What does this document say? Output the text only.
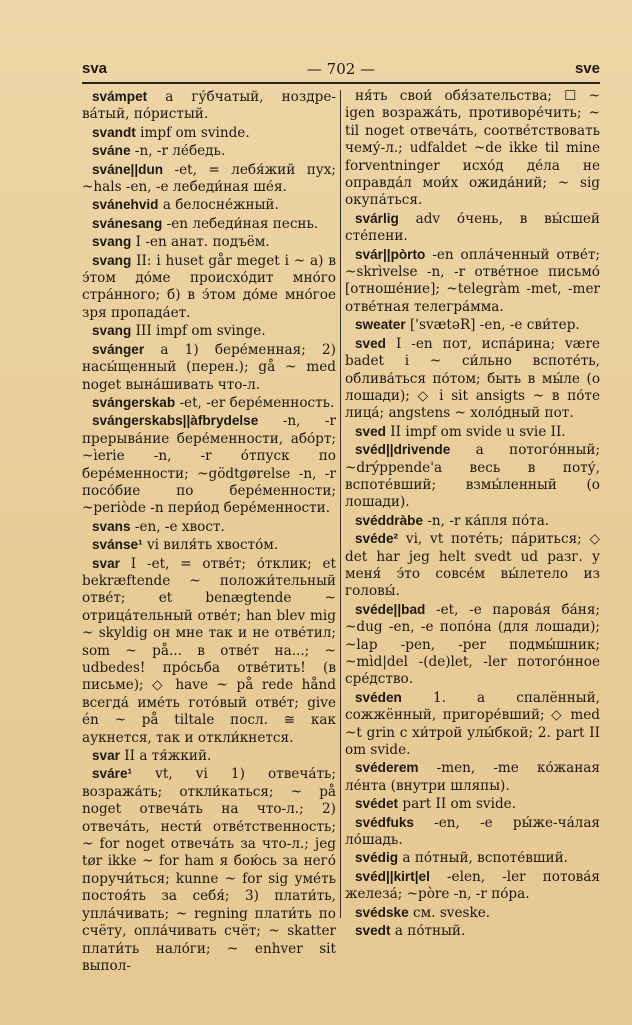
sva	— 702 —	sve

svámpet a гу́бчатый, ноздре-ва́тый, по́ристый.

svandt impf om svinde.

sváne -n, -r ле́бедь.

sváne||dun -et, = лебя́жий пух; ~hals -en, -e лебеди́ная ше́я.

svánehvid a белосне́жный.

svánesang -en лебеди́ная песнь.

svang I -en анат. подъём.

svang II: i huset går meget i ~ а) в э́том до́ме происхо́дит мно́го стра́нного; б) в э́том до́ме мно́гое зря пропада́ет.

svang III impf om svinge.

svánger a 1) бере́менная; 2) насы́щенный (перен.); gå ~ med noget вына́шивать что-л.

svángerskab -et, -er бере́менность.

svángerskabs||àfbrydelse -n, -r прерыва́ние бере́менности, або́рт; ~ìerie -n, -r о́тпуск по бере́менности; ~gödtgørelse -n, -r посо́бие по бере́менности; ~periòde -n пери́од бере́менности.

svans -en, -e хвост.

svánse¹ vi виля́ть хвосто́м.

svar I -et, = отве́т; о́тклик; et bekræftende ~ положи́тельный отве́т; et benægtende ~ отрица́тельный отве́т; han blev mig ~ skyldig он мне так и не отве́тил; som ~ på... в отве́т на...; ~ udbedes! про́сьба отве́тить! (в письме); ◇ have ~ på rede hånd всегда́ име́ть гото́вый отве́т; give én ~ på tiltale посл. ≅ как аукнется, так и откли́кнется.

svar II a тя́жкий.

sváre¹ vt, vi 1) отвеча́ть; возража́ть; откли́каться; ~ på noget отвеча́ть на что-л.; 2) отвеча́ть, нести́ отве́тственность; ~ for noget отвеча́ть за что-л.; jeg tør ikke ~ for ham я бою́сь за него́ поручи́ться; kunne ~ for sig уме́ть постоя́ть за себя́; 3) плати́ть, упла́чивать; ~ regning плати́ть по счёту, опла́чивать счёт; ~ skatter плати́ть нало́ги; ~ enhver sit выпол-

ня́ть свои́ обя́зательства; ☐ ~ igen возража́ть, противоре́чить; ~ til noget отвеча́ть, соотве́тствовать чему́-л.; udfaldet ~de ikke til mine forventninger исхо́д де́ла не оправда́л мои́х ожида́ний; ~ sig окупа́ться.

svárlig adv о́чень, в вы́сшей сте́пени.

svár||pòrto -en опла́ченный отве́т; ~skrìvelse -n, -r отве́тное письмо́ [отноше́ние]; ~telegràm -met, -mer отве́тная телегра́мма.

sweater ['svætəR] -en, -e сви́тер.

sved I -en пот, испа́рина; være badet i ~ си́льно вспоте́ть, облива́ться по́том; быть в мы́ле (о лошади); ◇ i sit ansigts ~ в по́те лица́; angstens ~ холо́дный пот.

sved II impf om svide u svie II.

svéd||drivende a потого́нный; ~drýppende'a весь в поту́, вспоте́вший; взмы́ленный (о лошади).

svéddràbe -n, -r ка́пля по́та.

svéde² vi, vt поте́ть; па́риться; ◇ det har jeg helt svedt ud разг. у меня́ э́то совсе́м вы́летело из головы́.

svéde||bad -et, -e парова́я ба́ня; ~dug -en, -e попо́на (для лошади); ~lap -pen, -per подмы́шник; ~mìd|del -(de)let, -ler потого́нное сре́дство.

svéden 1. a спалённый, сожжённый, пригоре́вший; ◇ med ~t grin с хи́трой улы́бкой; 2. part II om svide.

svéderem -men, -me ко́жаная ле́нта (внутри шляпы).

svédet part II om svide.

svédfuks -en, -e ры́же-ча́лая ло́шадь.

svédig a по́тный, вспоте́вший.

svéd||kirt|el -elen, -ler потова́я железа́; ~pòre -n, -r по́ра.

svédske см. sveske.

svedt a по́тный.
